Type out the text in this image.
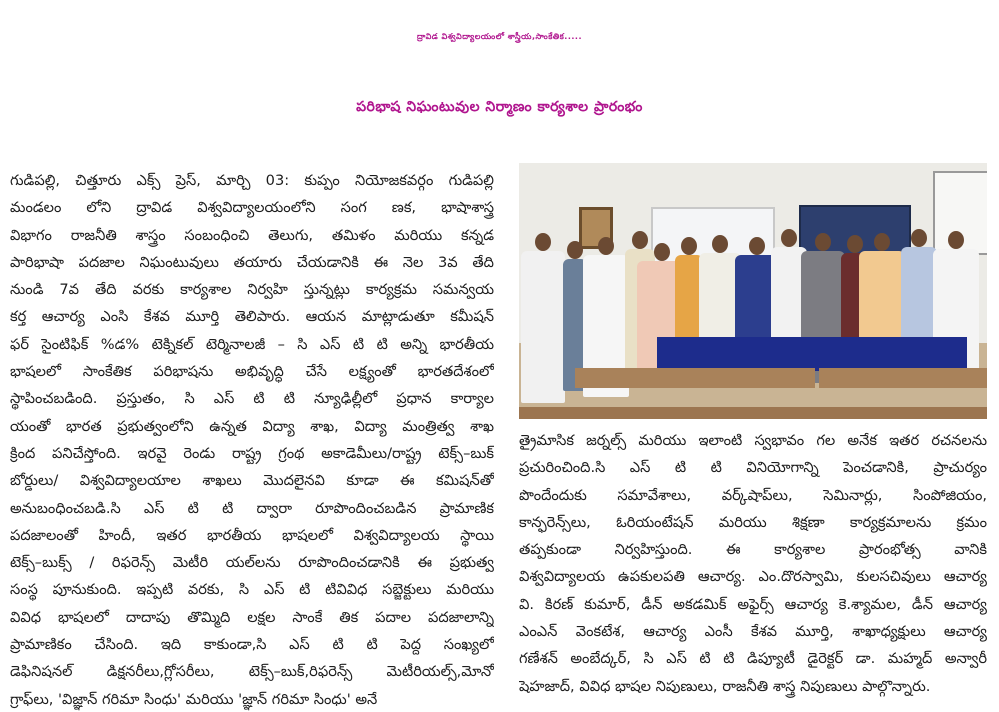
ద్రావిడ విశ్వవిద్యాలయంలో శాస్త్రీయ,సాంకేతిక.....
పరిభాష నిఘంటువుల నిర్మాణం కార్యశాల ప్రారంభం
గుడిపల్లి, చిత్తూరు ఎక్స్ ప్రెస్, మార్చి 03: కుప్పం నియోజకవర్గం గుడిపల్లి
మండలం లోని ద్రావిడ విశ్వవిద్యాలయంలోని సంగ ణక, భాషాశాస్త్ర
విభాగం రాజనీతి శాస్త్రం సంబంధించి తెలుగు, తమిళం మరియు కన్నడ
పారిభాషా పదజాల నిఘంటువులు తయారు చేయడానికి ఈ నెల 3వ తేది
నుండి 7వ తేది వరకు కార్యశాల నిర్వహి స్తున్నట్లు కార్యక్రమ సమన్వయ
కర్త ఆచార్య ఎంసి కేశవ మూర్తి తెలిపారు. ఆయన మాట్లాడుతూ కమీషన్
ఫర్ సైంటిఫిక్ %డ% టెక్నికల్ టెర్మినాలజీ – సి ఎస్ టి టి అన్ని భారతీయ
భాషలలో సాంకేతిక పరిభాషను అభివృద్ధి చేసే లక్ష్యంతో భారతదేశంలో
స్థాపించబడింది. ప్రస్తుతం, సి ఎస్ టి టి న్యూఢిల్లీలో ప్రధాన కార్యాల
యంతో భారత ప్రభుత్వంలోని ఉన్నత విద్యా శాఖ, విద్యా మంత్రిత్వ శాఖ
క్రింద పనిచేస్తోంది. ఇరవై రెండు రాష్ట్ర గ్రంథ అకాడెమీలు/రాష్ట్ర టెక్స్–బుక్
బోర్డులు/ విశ్వవిద్యాలయాల శాఖలు మొదలైనవి కూడా ఈ కమిషన్‌తో
అనుబంధించబడి.సి ఎస్ టి టి ద్వారా రూపొందించబడిన ప్రామాణిక
పదజాలంతో హిందీ, ఇతర భారతీయ భాషలలో విశ్వవిద్యాలయ స్థాయి
టెక్స్–బుక్స్ / రిఫరెన్స్ మెటీరి యల్‌లను రూపొందించడానికి ఈ ప్రభుత్వ
సంస్థ పూనుకుంది. ఇప్పటి వరకు, సి ఎస్ టి టివివిధ సబ్జెక్టులు మరియు
వివిధ భాషలలో దాదాపు తొమ్మిది లక్షల సాంకే తిక పదాల పదజాలాన్ని
ప్రామాణికం చేసింది. ఇది కాకుండా,సి ఎస్ టి టి పెద్ద సంఖ్యలో
డెఫినిషనల్ డిక్షనరీలు,గ్లోసరీలు, టెక్స్–బుక్,రిఫరెన్స్ మెటీరియల్స్,మోనో
గ్రాఫ్‌లు, 'విజ్ఞాన్ గరిమా సింధు' మరియు 'జ్ఞాన్ గరిమా సింధు' అనే
త్రైమాసిక జర్నల్స్ మరియు ఇలాంటి స్వభావం గల అనేక ఇతర రచనలను
ప్రచురించింది.సి ఎస్ టి టి వినియోగాన్ని పెంచడానికి, ప్రాచుర్యం
పొందేందుకు సమావేశాలు, వర్క్‌షాప్‌లు, సెమినార్లు, సింపోజియం,
కాన్ఫరెన్స్‌లు, ఓరియంటేషన్ మరియు శిక్షణా కార్యక్రమాలను క్రమం
తప్పకుండా నిర్వహిస్తుంది. ఈ కార్యశాల ప్రారంభోత్స వానికి
విశ్వవిద్యాలయ ఉపకులపతి ఆచార్య. ఎం.దొరస్వామి, కులసచివులు ఆచార్య
వి. కిరణ్ కుమార్, డీన్ అకడమిక్ అఫైర్స్ ఆచార్య కె.శ్యామల, డీన్ ఆచార్య
ఎంఎన్ వెంకటేశ, ఆచార్య ఎంసీ కేశవ మూర్తి, శాఖాధ్యక్షులు ఆచార్య
గణేశన్ అంబేద్కర్, సి ఎస్ టి టి డిప్యూటీ డైరెక్టర్ డా. మహ్మద్ అన్వారీ
షెహజాద్, వివిధ భాషల నిపుణులు, రాజనీతి శాస్త్ర నిపుణులు పాల్గొన్నారు.
